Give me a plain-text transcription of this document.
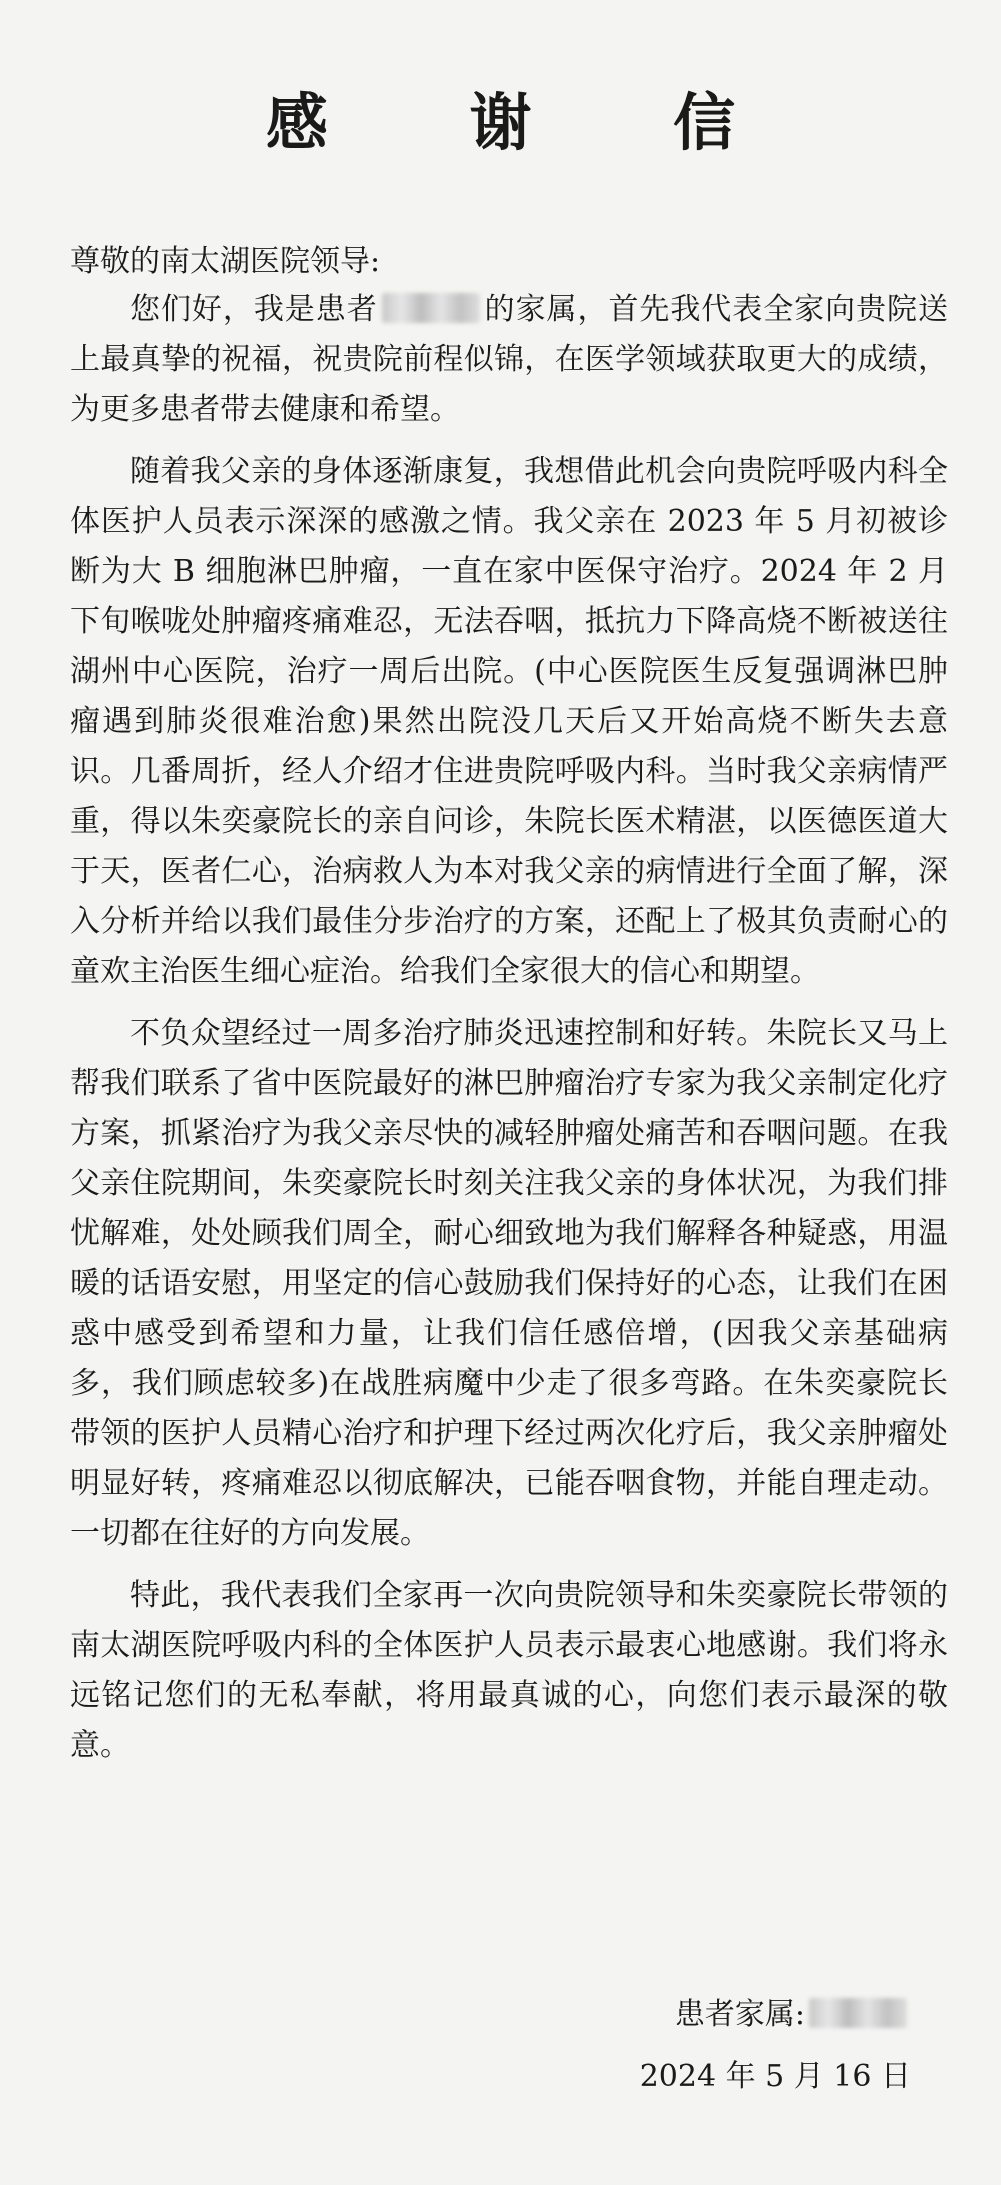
感 谢 信
尊敬的南太湖医院领导:

您们好，我是患者	的家属，首先我代表全家向贵院送上最真挚的祝福，祝贵院前程似锦，在医学领域获取更大的成绩，为更多患者带去健康和希望。

随着我父亲的身体逐渐康复，我想借此机会向贵院呼吸内科全体医护人员表示深深的感激之情。我父亲在 2023 年 5 月初被诊断为大 B 细胞淋巴肿瘤，一直在家中医保守治疗。2024 年 2 月下旬喉咙处肿瘤疼痛难忍，无法吞咽，抵抗力下降高烧不断被送往湖州中心医院，治疗一周后出院。(中心医院医生反复强调淋巴肿瘤遇到肺炎很难治愈)果然出院没几天后又开始高烧不断失去意识。几番周折，经人介绍才住进贵院呼吸内科。当时我父亲病情严重，得以朱奕豪院长的亲自问诊，朱院长医术精湛，以医德医道大于天，医者仁心，治病救人为本对我父亲的病情进行全面了解，深入分析并给以我们最佳分步治疗的方案，还配上了极其负责耐心的童欢主治医生细心症治。给我们全家很大的信心和期望。

不负众望经过一周多治疗肺炎迅速控制和好转。朱院长又马上帮我们联系了省中医院最好的淋巴肿瘤治疗专家为我父亲制定化疗方案，抓紧治疗为我父亲尽快的减轻肿瘤处痛苦和吞咽问题。在我父亲住院期间，朱奕豪院长时刻关注我父亲的身体状况，为我们排忧解难，处处顾我们周全，耐心细致地为我们解释各种疑惑，用温暖的话语安慰，用坚定的信心鼓励我们保持好的心态，让我们在困惑中感受到希望和力量，让我们信任感倍增，(因我父亲基础病多，我们顾虑较多)在战胜病魔中少走了很多弯路。在朱奕豪院长带领的医护人员精心治疗和护理下经过两次化疗后，我父亲肿瘤处明显好转，疼痛难忍以彻底解决，已能吞咽食物，并能自理走动。一切都在往好的方向发展。

特此，我代表我们全家再一次向贵院领导和朱奕豪院长带领的南太湖医院呼吸内科的全体医护人员表示最衷心地感谢。我们将永远铭记您们的无私奉献，将用最真诚的心，向您们表示最深的敬意。

患者家属:
2024 年 5 月 16 日
